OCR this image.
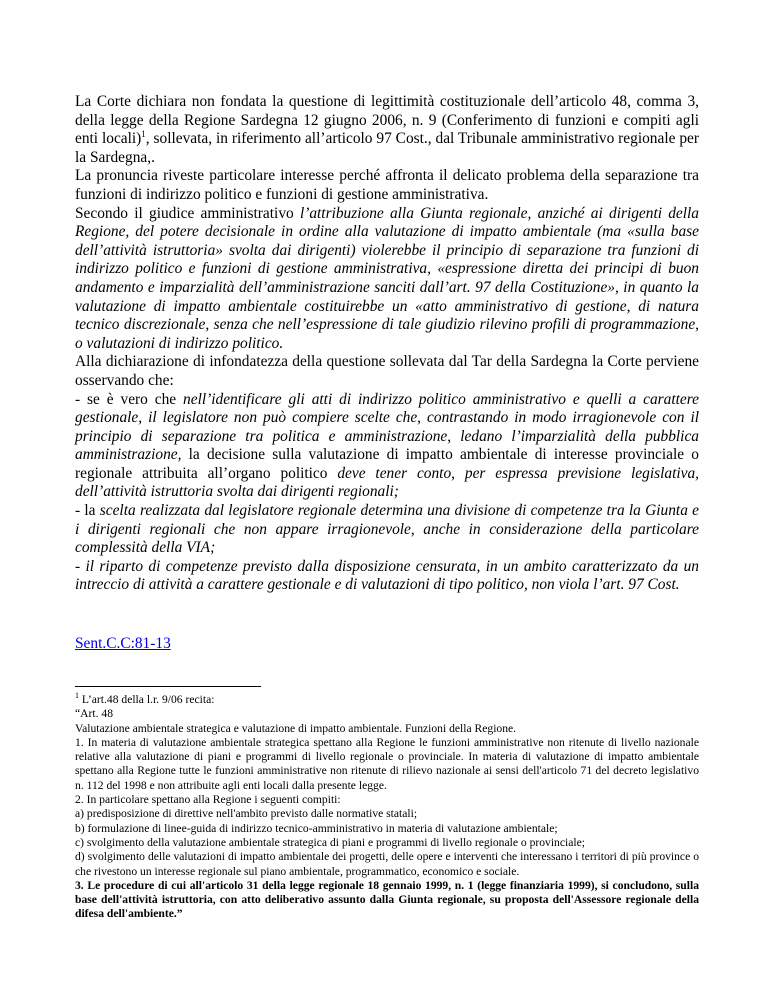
La Corte dichiara non fondata la questione di legittimità costituzionale dell’articolo 48, comma 3, della legge della Regione Sardegna 12 giugno 2006, n. 9 (Conferimento di funzioni e compiti agli enti locali)$^1$, sollevata, in riferimento all’articolo 97 Cost., dal Tribunale amministrativo regionale per la Sardegna,.

La pronuncia riveste particolare interesse perché affronta il delicato problema della separazione tra funzioni di indirizzo politico e funzioni di gestione amministrativa.

Secondo il giudice amministrativo l’attribuzione alla Giunta regionale, anziché ai dirigenti della Regione, del potere decisionale in ordine alla valutazione di impatto ambientale (ma «sulla base dell’attività istruttoria» svolta dai dirigenti) violerebbe il principio di separazione tra funzioni di indirizzo politico e funzioni di gestione amministrativa, «espressione diretta dei principi di buon andamento e imparzialità dell’amministrazione sanciti dall’art. 97 della Costituzione», in quanto la valutazione di impatto ambientale costituirebbe un «atto amministrativo di gestione, di natura tecnico discrezionale, senza che nell’espressione di tale giudizio rilevino profili di programmazione, o valutazioni di indirizzo politico.

Alla dichiarazione di infondatezza della questione sollevata dal Tar della Sardegna la Corte perviene osservando che:

- se è vero che nell’identificare gli atti di indirizzo politico amministrativo e quelli a carattere gestionale, il legislatore non può compiere scelte che, contrastando in modo irragionevole con il principio di separazione tra politica e amministrazione, ledano l’imparzialità della pubblica amministrazione, la decisione sulla valutazione di impatto ambientale di interesse provinciale o regionale attribuita all’organo politico deve tener conto, per espressa previsione legislativa, dell’attività istruttoria svolta dai dirigenti regionali;

- la scelta realizzata dal legislatore regionale determina una divisione di competenze tra la Giunta e i dirigenti regionali che non appare irragionevole, anche in considerazione della particolare complessità della VIA;

- il riparto di competenze previsto dalla disposizione censurata, in un ambito caratterizzato da un intreccio di attività a carattere gestionale e di valutazioni di tipo politico, non viola l’art. 97 Cost.

Sent.C.C:81-13

$^1$ L’art.48 della l.r. 9/06 recita:

“Art. 48

Valutazione ambientale strategica e valutazione di impatto ambientale. Funzioni della Regione.

1. In materia di valutazione ambientale strategica spettano alla Regione le funzioni amministrative non ritenute di livello nazionale relative alla valutazione di piani e programmi di livello regionale o provinciale. In materia di valutazione di impatto ambientale spettano alla Regione tutte le funzioni amministrative non ritenute di rilievo nazionale ai sensi dell'articolo 71 del decreto legislativo n. 112 del 1998 e non attribuite agli enti locali dalla presente legge.

2. In particolare spettano alla Regione i seguenti compiti:

a) predisposizione di direttive nell'ambito previsto dalle normative statali;

b) formulazione di linee-guida di indirizzo tecnico-amministrativo in materia di valutazione ambientale;

c) svolgimento della valutazione ambientale strategica di piani e programmi di livello regionale o provinciale;

d) svolgimento delle valutazioni di impatto ambientale dei progetti, delle opere e interventi che interessano i territori di più province o che rivestono un interesse regionale sul piano ambientale, programmatico, economico e sociale.

3. Le procedure di cui all'articolo 31 della legge regionale 18 gennaio 1999, n. 1 (legge finanziaria 1999), si concludono, sulla base dell'attività istruttoria, con atto deliberativo assunto dalla Giunta regionale, su proposta dell'Assessore regionale della difesa dell'ambiente.”
